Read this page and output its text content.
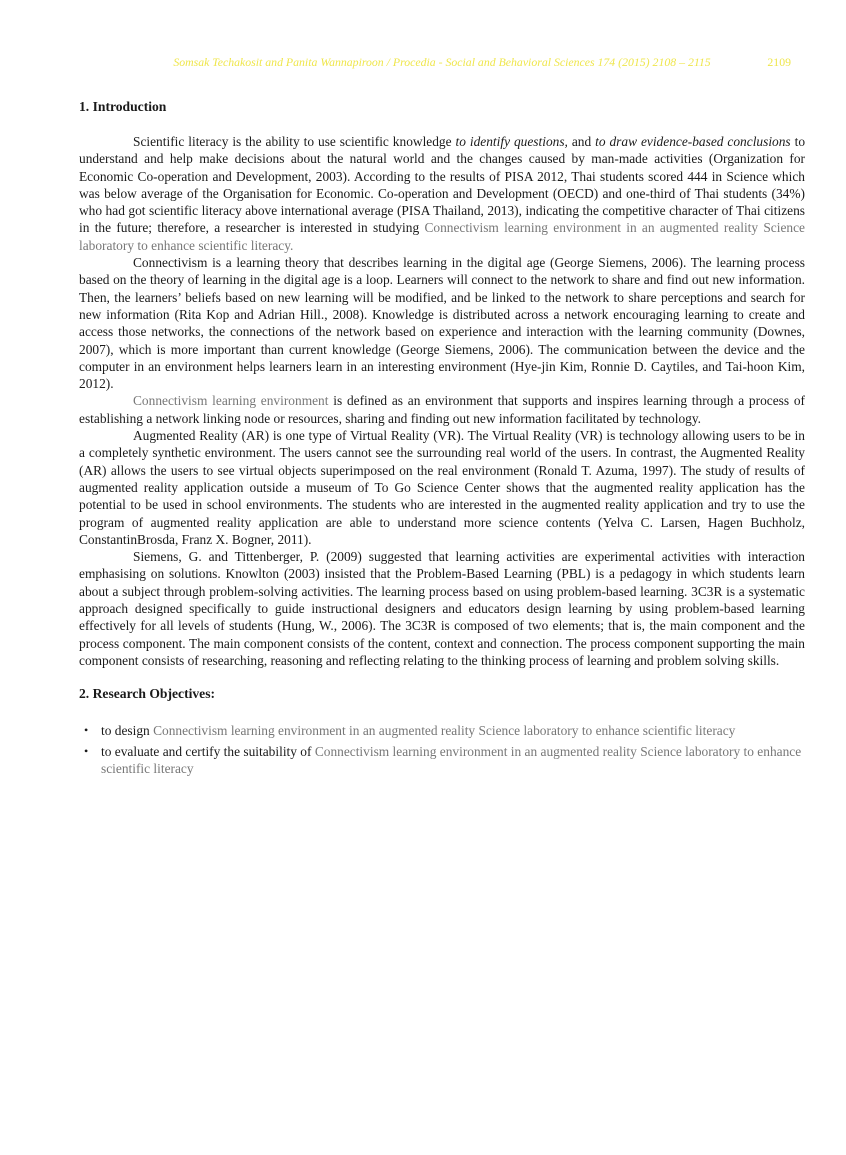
Somsak Techakosit and Panita Wannapiroon / Procedia - Social and Behavioral Sciences 174 (2015) 2108 – 2115	2109
1. Introduction

Scientific literacy is the ability to use scientific knowledge to identify questions, and to draw evidence-based conclusions to understand and help make decisions about the natural world and the changes caused by man-made activities (Organization for Economic Co-operation and Development, 2003). According to the results of PISA 2012, Thai students scored 444 in Science which was below average of the Organisation for Economic. Co-operation and Development (OECD) and one-third of Thai students (34%) who had got scientific literacy above international average (PISA Thailand, 2013), indicating the competitive character of Thai citizens in the future; therefore, a researcher is interested in studying Connectivism learning environment in an augmented reality Science laboratory to enhance scientific literacy.

Connectivism is a learning theory that describes learning in the digital age (George Siemens, 2006). The learning process based on the theory of learning in the digital age is a loop. Learners will connect to the network to share and find out new information. Then, the learners’ beliefs based on new learning will be modified, and be linked to the network to share perceptions and search for new information (Rita Kop and Adrian Hill., 2008). Knowledge is distributed across a network encouraging learning to create and access those networks, the connections of the network based on experience and interaction with the learning community (Downes, 2007), which is more important than current knowledge (George Siemens, 2006). The communication between the device and the computer in an environment helps learners learn in an interesting environment (Hye-jin Kim, Ronnie D. Caytiles, and Tai-hoon Kim, 2012).

Connectivism learning environment is defined as an environment that supports and inspires learning through a process of establishing a network linking node or resources, sharing and finding out new information facilitated by technology.

Augmented Reality (AR) is one type of Virtual Reality (VR). The Virtual Reality (VR) is technology allowing users to be in a completely synthetic environment. The users cannot see the surrounding real world of the users. In contrast, the Augmented Reality (AR) allows the users to see virtual objects superimposed on the real environment (Ronald T. Azuma, 1997). The study of results of augmented reality application outside a museum of To Go Science Center shows that the augmented reality application has the potential to be used in school environments. The students who are interested in the augmented reality application and try to use the program of augmented reality application are able to understand more science contents (Yelva C. Larsen, Hagen Buchholz, ConstantinBrosda, Franz X. Bogner, 2011).

Siemens, G. and Tittenberger, P. (2009) suggested that learning activities are experimental activities with interaction emphasising on solutions. Knowlton (2003) insisted that the Problem-Based Learning (PBL) is a pedagogy in which students learn about a subject through problem-solving activities. The learning process based on using problem-based learning. 3C3R is a systematic approach designed specifically to guide instructional designers and educators design learning by using problem-based learning effectively for all levels of students (Hung, W., 2006). The 3C3R is composed of two elements; that is, the main component and the process component. The main component consists of the content, context and connection. The process component supporting the main component consists of researching, reasoning and reflecting relating to the thinking process of learning and problem solving skills.

2. Research Objectives:
• to design Connectivism learning environment in an augmented reality Science laboratory to enhance scientific literacy
• to evaluate and certify the suitability of Connectivism learning environment in an augmented reality Science laboratory to enhance scientific literacy
